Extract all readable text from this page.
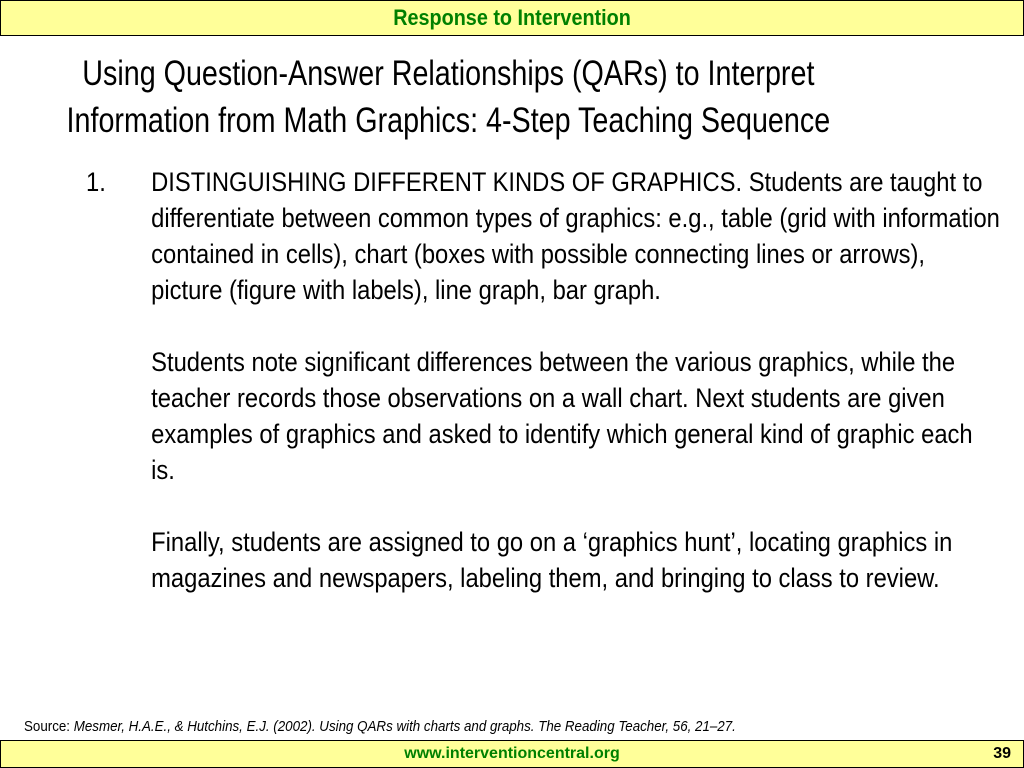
Response to Intervention
Using Question-Answer Relationships (QARs) to Interpret
Information from Math Graphics: 4-Step Teaching Sequence
1. DISTINGUISHING DIFFERENT KINDS OF GRAPHICS. Students are taught to differentiate between common types of graphics: e.g., table (grid with information contained in cells), chart (boxes with possible connecting lines or arrows), picture (figure with labels), line graph, bar graph.

Students note significant differences between the various graphics, while the teacher records those observations on a wall chart. Next students are given examples of graphics and asked to identify which general kind of graphic each is.

Finally, students are assigned to go on a ‘graphics hunt’, locating graphics in magazines and newspapers, labeling them, and bringing to class to review.

Source: Mesmer, H.A.E., & Hutchins, E.J. (2002). Using QARs with charts and graphs. The Reading Teacher, 56, 21–27.
www.interventioncentral.org	39
